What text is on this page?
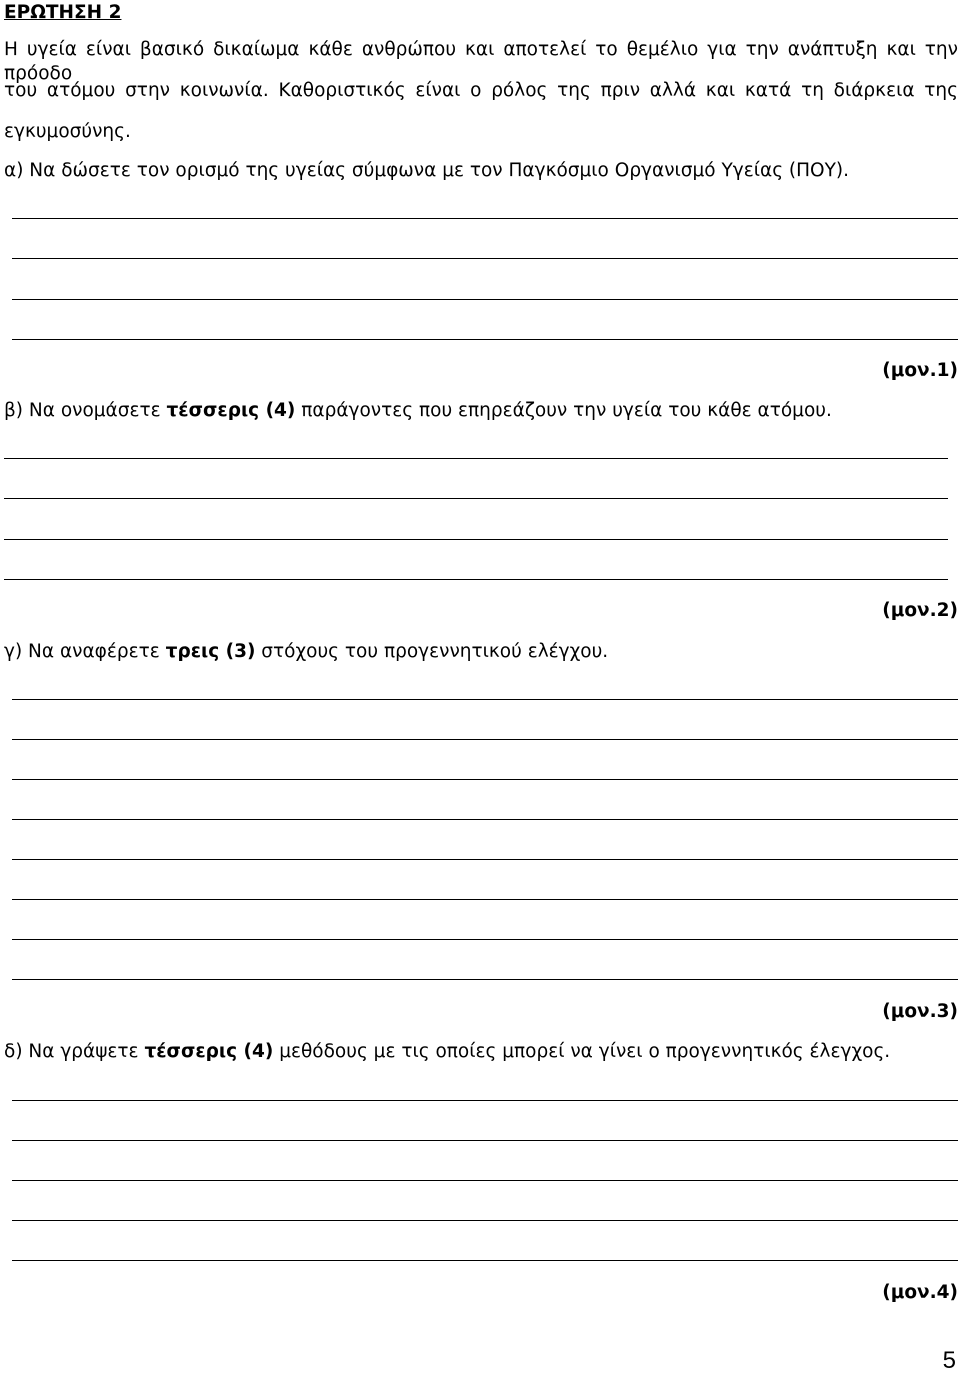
ΕΡΩΤΗΣΗ 2
Η υγεία είναι βασικό δικαίωμα κάθε ανθρώπου και αποτελεί το θεμέλιο για την ανάπτυξη και την πρόοδο
του ατόμου στην κοινωνία. Καθοριστικός είναι ο ρόλος της πριν αλλά και κατά τη διάρκεια της
εγκυμοσύνης.
α) Να δώσετε τον ορισμό της υγείας σύμφωνα με τον Παγκόσμιο Οργανισμό Υγείας (ΠΟΥ).
(μον.1)
β) Να ονομάσετε τέσσερις (4) παράγοντες που επηρεάζουν την υγεία του κάθε ατόμου.
(μον.2)
γ) Να αναφέρετε τρεις (3) στόχους του προγεννητικού ελέγχου.
(μον.3)
δ) Να γράψετε τέσσερις (4) μεθόδους με τις οποίες μπορεί να γίνει ο προγεννητικός έλεγχος.
(μον.4)
5
